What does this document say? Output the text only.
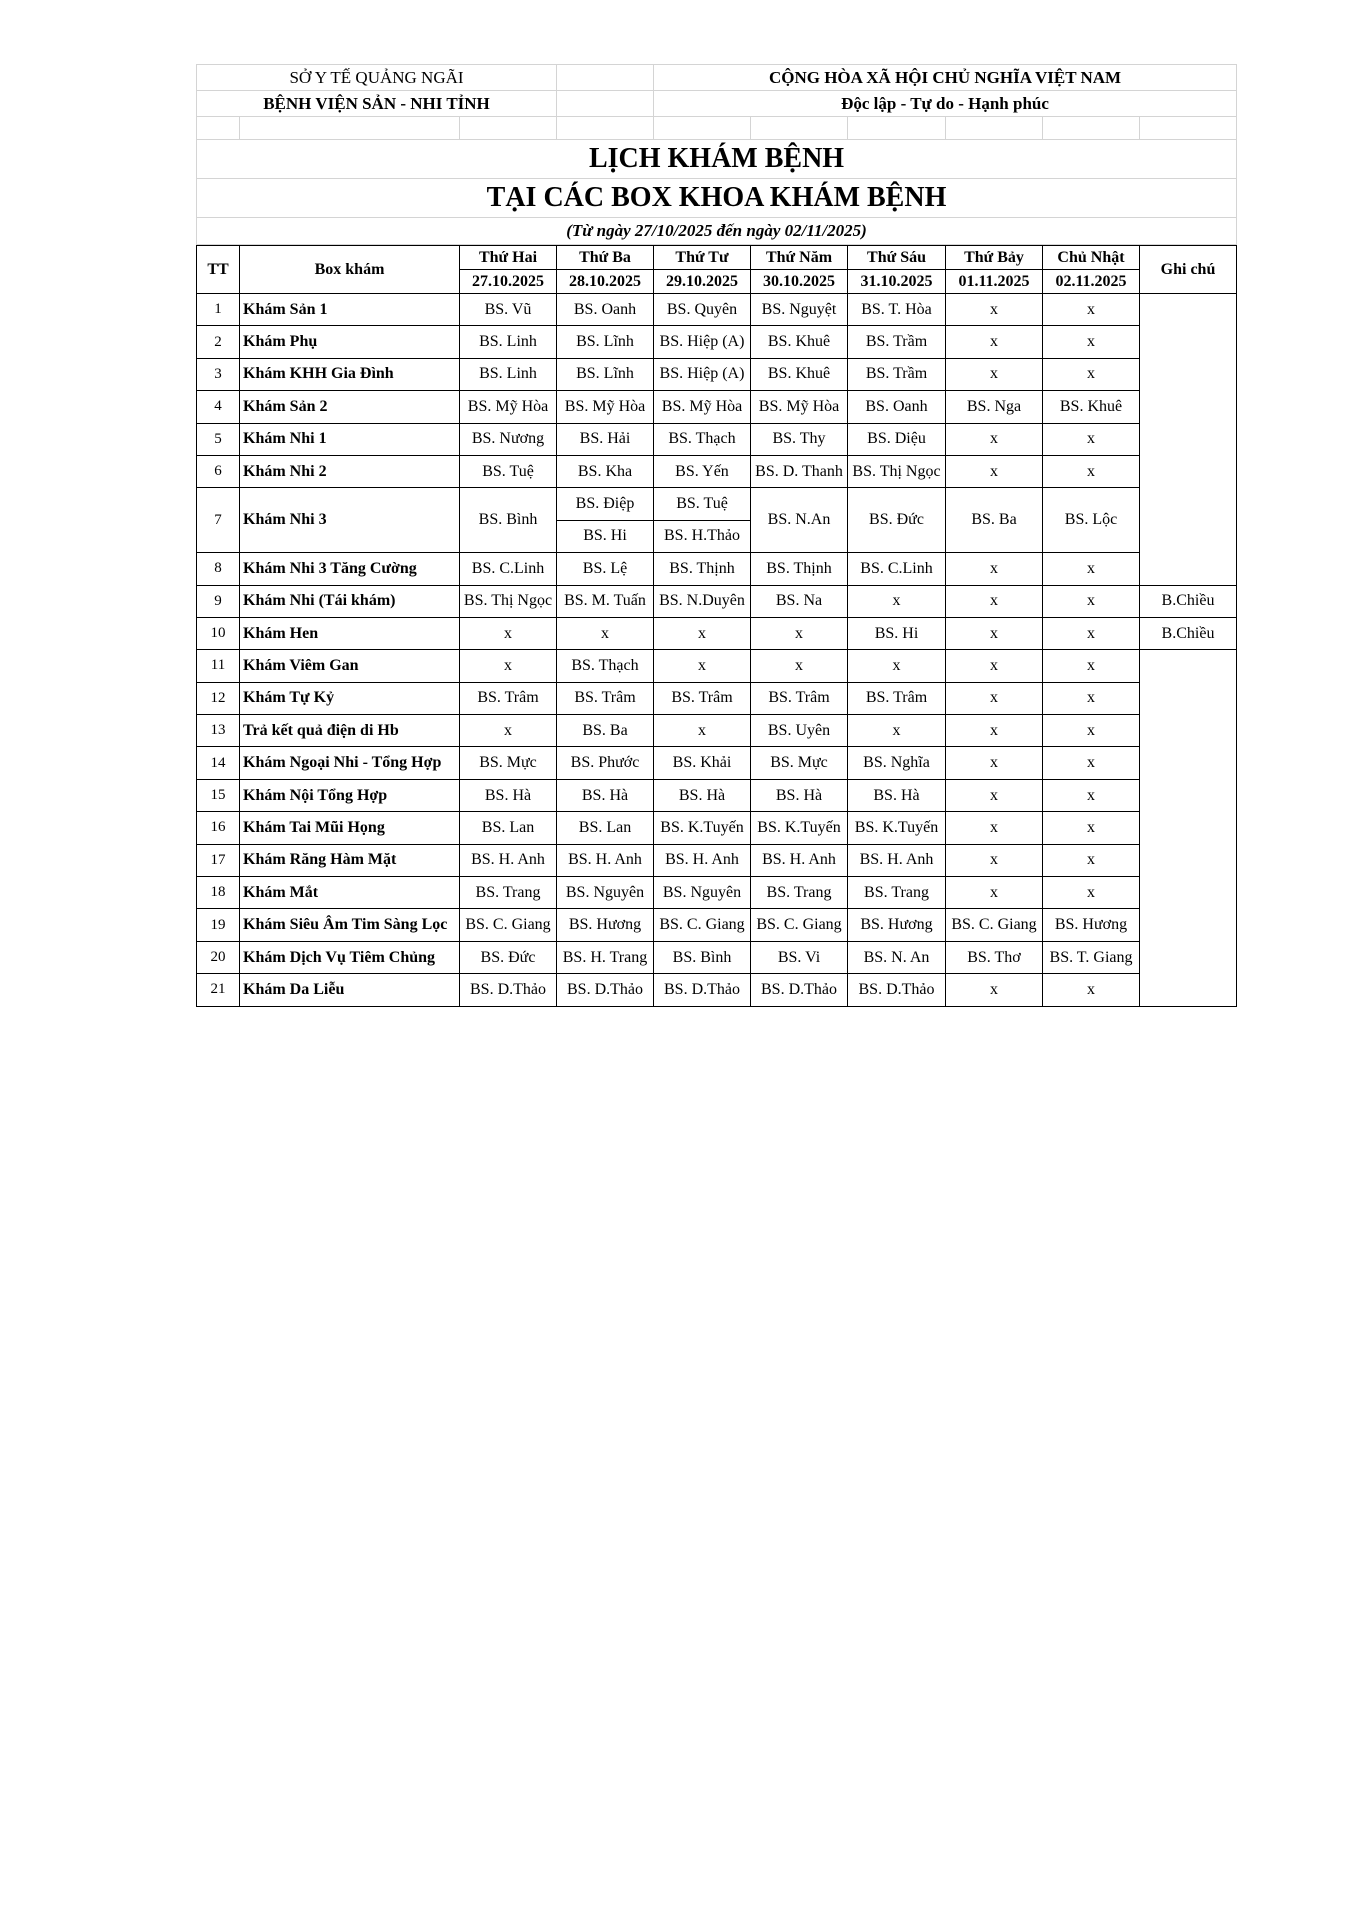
SỞ Y TẾ QUẢNG NGÃI				CỘNG HÒA XÃ HỘI CHỦ NGHĨA VIỆT NAM					
BỆNH VIỆN SẢN - NHI TỈNH				Độc lập - Tự do - Hạnh phúc					

LỊCH KHÁM BỆNH									
TẠI CÁC BOX KHOA KHÁM BỆNH									
(Từ ngày 27/10/2025 đến ngày 02/11/2025)									
TT	Box khám	Thứ Hai	Thứ Ba	Thứ Tư	Thứ Năm	Thứ Sáu	Thứ Bảy	Chủ Nhật	Ghi chú
		27.10.2025	28.10.2025	29.10.2025	30.10.2025	31.10.2025	01.11.2025	02.11.2025	
1	Khám Sản 1	BS. Vũ	BS. Oanh	BS. Quyên	BS. Nguyệt	BS. T. Hòa	x	x	
2	Khám Phụ	BS. Linh	BS. Lĩnh	BS. Hiệp (A)	BS. Khuê	BS. Trầm	x	x	
3	Khám KHH Gia Đình	BS. Linh	BS. Lĩnh	BS. Hiệp (A)	BS. Khuê	BS. Trầm	x	x	
4	Khám Sản 2	BS. Mỹ Hòa	BS. Mỹ Hòa	BS. Mỹ Hòa	BS. Mỹ Hòa	BS. Oanh	BS. Nga	BS. Khuê	
5	Khám Nhi 1	BS. Nương	BS. Hải	BS. Thạch	BS. Thy	BS. Diệu	x	x	
6	Khám Nhi 2	BS. Tuệ	BS. Kha	BS. Yến	BS. D. Thanh	BS. Thị Ngọc	x	x	
7	Khám Nhi 3	BS. Bình	BS. Điệp	BS. Tuệ	BS. N.An	BS. Đức	BS. Ba	BS. Lộc	
			BS. Hi	BS. H.Thảo					
8	Khám Nhi 3 Tăng Cường	BS. C.Linh	BS. Lệ	BS. Thịnh	BS. Thịnh	BS. C.Linh	x	x	
9	Khám Nhi (Tái khám)	BS. Thị Ngọc	BS. M. Tuấn	BS. N.Duyên	BS. Na	x	x	x	B.Chiều
10	Khám Hen	x	x	x	x	BS. Hi	x	x	B.Chiều
11	Khám Viêm Gan	x	BS. Thạch	x	x	x	x	x	
12	Khám Tự Kỷ	BS. Trâm	BS. Trâm	BS. Trâm	BS. Trâm	BS. Trâm	x	x	
13	Trả kết quả điện di Hb	x	BS. Ba	x	BS. Uyên	x	x	x	
14	Khám Ngoại Nhi - Tổng Hợp	BS. Mực	BS. Phước	BS. Khải	BS. Mực	BS. Nghĩa	x	x	
15	Khám Nội Tổng Hợp	BS. Hà	BS. Hà	BS. Hà	BS. Hà	BS. Hà	x	x	
16	Khám Tai Mũi Họng	BS. Lan	BS. Lan	BS. K.Tuyến	BS. K.Tuyến	BS. K.Tuyến	x	x	
17	Khám Răng Hàm Mặt	BS. H. Anh	BS. H. Anh	BS. H. Anh	BS. H. Anh	BS. H. Anh	x	x	
18	Khám Mắt	BS. Trang	BS. Nguyên	BS. Nguyên	BS. Trang	BS. Trang	x	x	
19	Khám Siêu Âm Tim Sàng Lọc	BS. C. Giang	BS. Hương	BS. C. Giang	BS. C. Giang	BS. Hương	BS. C. Giang	BS. Hương	
20	Khám Dịch Vụ Tiêm Chủng	BS. Đức	BS. H. Trang	BS. Bình	BS. Vi	BS. N. An	BS. Thơ	BS. T. Giang	
21	Khám Da Liễu	BS. D.Thảo	BS. D.Thảo	BS. D.Thảo	BS. D.Thảo	BS. D.Thảo	x	x	
